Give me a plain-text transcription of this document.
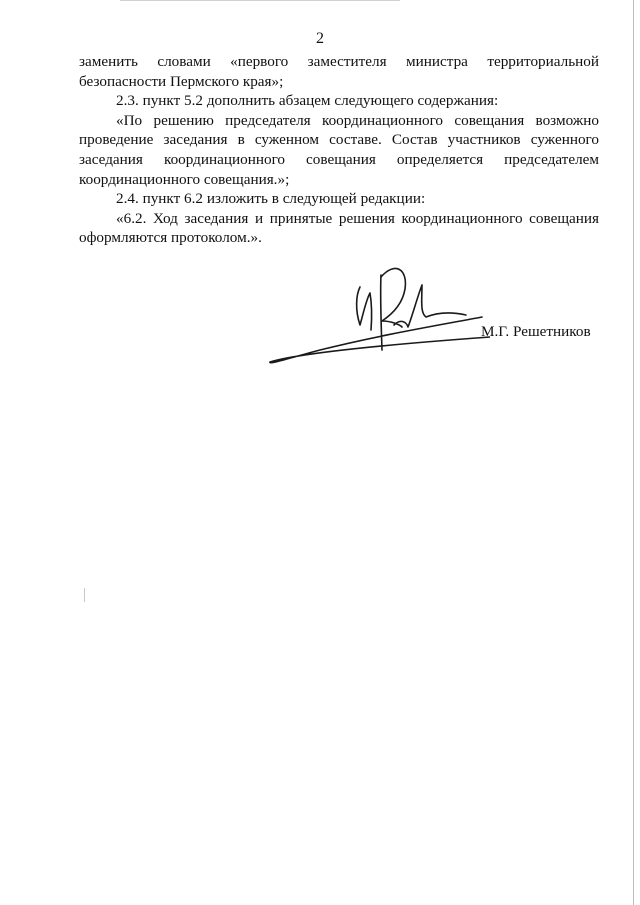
2

заменить словами «первого заместителя министра территориальной безопасности Пермского края»;

2.3. пункт 5.2 дополнить абзацем следующего содержания:

«По решению председателя координационного совещания возможно проведение заседания в суженном составе. Состав участников суженного заседания координационного совещания определяется председателем координационного совещания.»;

2.4. пункт 6.2 изложить в следующей редакции:

«6.2. Ход заседания и принятые решения координационного совещания оформляются протоколом.».

М.Г. Решетников
